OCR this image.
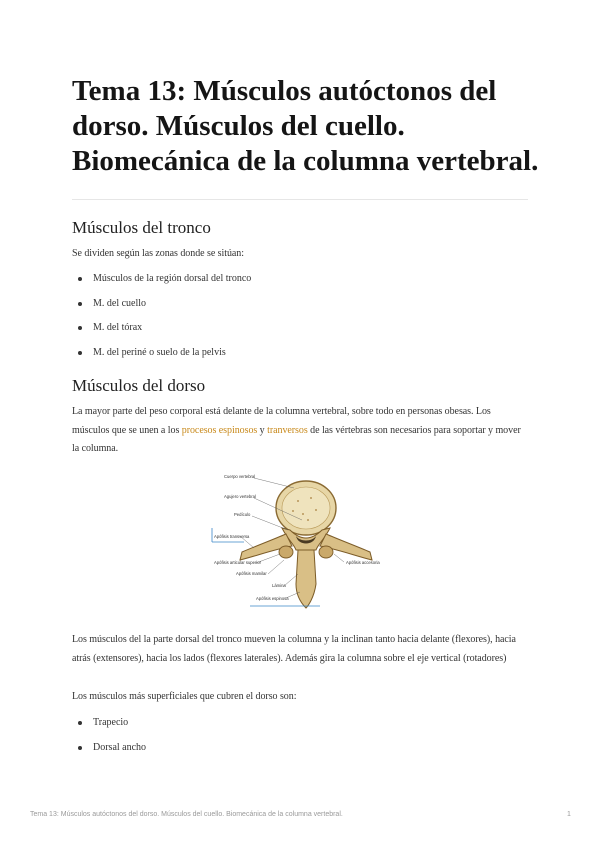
Tema 13: Músculos autóctonos del dorso. Músculos del cuello. Biomecánica de la columna vertebral.
Músculos del tronco

Se dividen según las zonas donde se sitúan:

Músculos de la región dorsal del tronco
M. del cuello
M. del tórax
M. del periné o suelo de la pelvis
Músculos del dorso

La mayor parte del peso corporal está delante de la columna vertebral, sobre todo en personas obesas. Los músculos que se unen a los procesos espinosos y tranversos de las vértebras son necesarios para soportar y mover la columna.

Cuerpo vertebral
Agujero vertebral
Pedículo
Apófisis transversa
Apófisis articular superior
Apófisis mamilar
Apófisis accesoria
Lámina
Apófisis espinosa

Los músculos del la parte dorsal del tronco mueven la columna y la inclinan tanto hacia delante (flexores), hacia atrás (extensores), hacia los lados (flexores laterales). Además gira la columna sobre el eje vertical (rotadores)

Los músculos más superficiales que cubren el dorso son:

Trapecio
Dorsal ancho
Tema 13: Músculos autóctonos del dorso. Músculos del cuello. Biomecánica de la columna vertebral.	1
